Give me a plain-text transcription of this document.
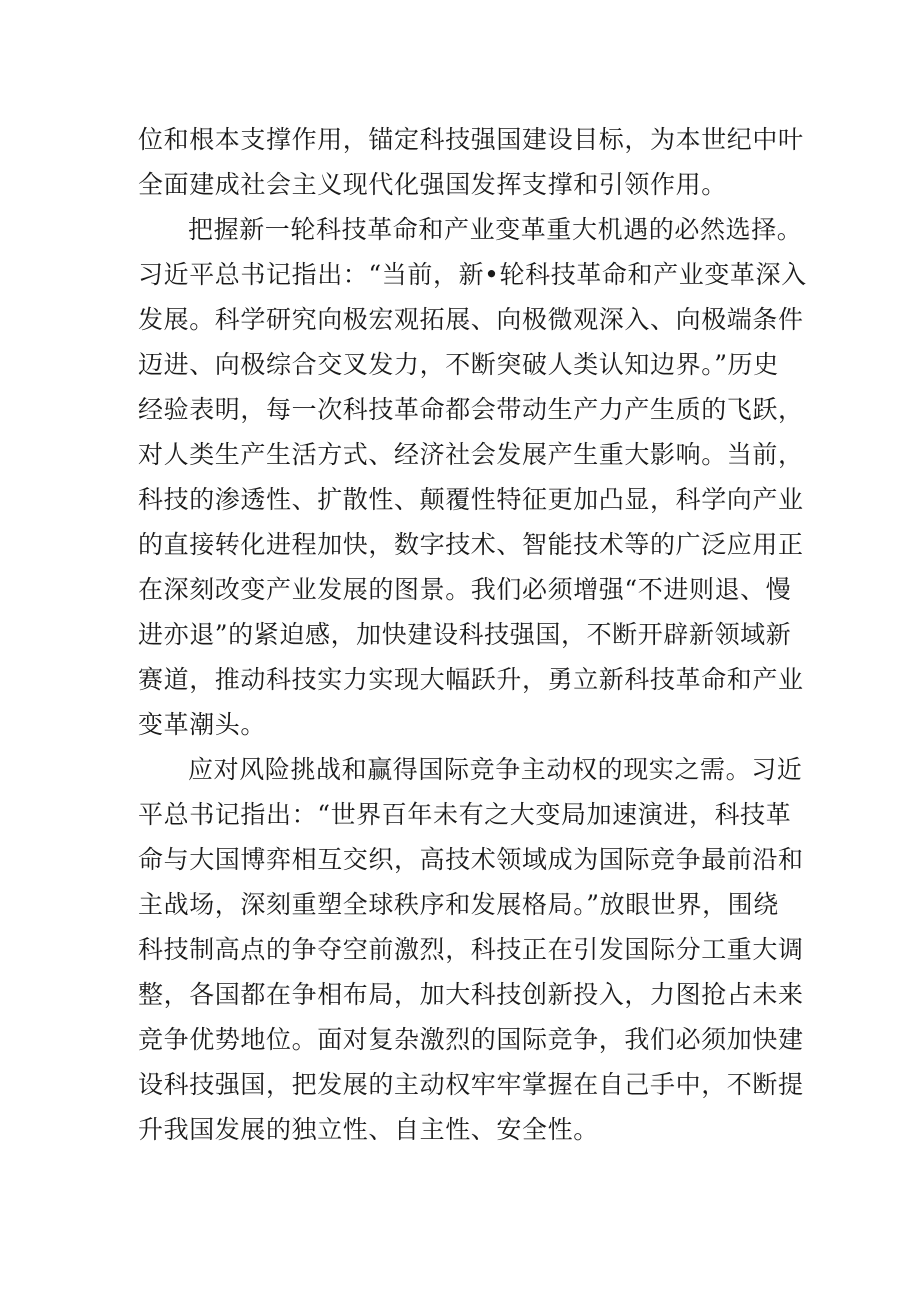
位和根本支撑作用，锚定科技强国建设目标，为本世纪中叶
全面建成社会主义现代化强国发挥支撑和引领作用。
把握新一轮科技革命和产业变革重大机遇的必然选择。
习近平总书记指出：“当前，新•轮科技革命和产业变革深入
发展。科学研究向极宏观拓展、向极微观深入、向极端条件
迈进、向极综合交叉发力，不断突破人类认知边界。”历史
经验表明，每一次科技革命都会带动生产力产生质的飞跃，
对人类生产生活方式、经济社会发展产生重大影响。当前，
科技的渗透性、扩散性、颠覆性特征更加凸显，科学向产业
的直接转化进程加快，数字技术、智能技术等的广泛应用正
在深刻改变产业发展的图景。我们必须增强“不进则退、慢
进亦退”的紧迫感，加快建设科技强国，不断开辟新领域新
赛道，推动科技实力实现大幅跃升，勇立新科技革命和产业
变革潮头。
应对风险挑战和赢得国际竞争主动权的现实之需。习近
平总书记指出：“世界百年未有之大变局加速演进，科技革
命与大国博弈相互交织，高技术领域成为国际竞争最前沿和
主战场，深刻重塑全球秩序和发展格局。”放眼世界，围绕
科技制高点的争夺空前激烈，科技正在引发国际分工重大调
整，各国都在争相布局，加大科技创新投入，力图抢占未来
竞争优势地位。面对复杂激烈的国际竞争，我们必须加快建
设科技强国，把发展的主动权牢牢掌握在自己手中，不断提
升我国发展的独立性、自主性、安全性。
